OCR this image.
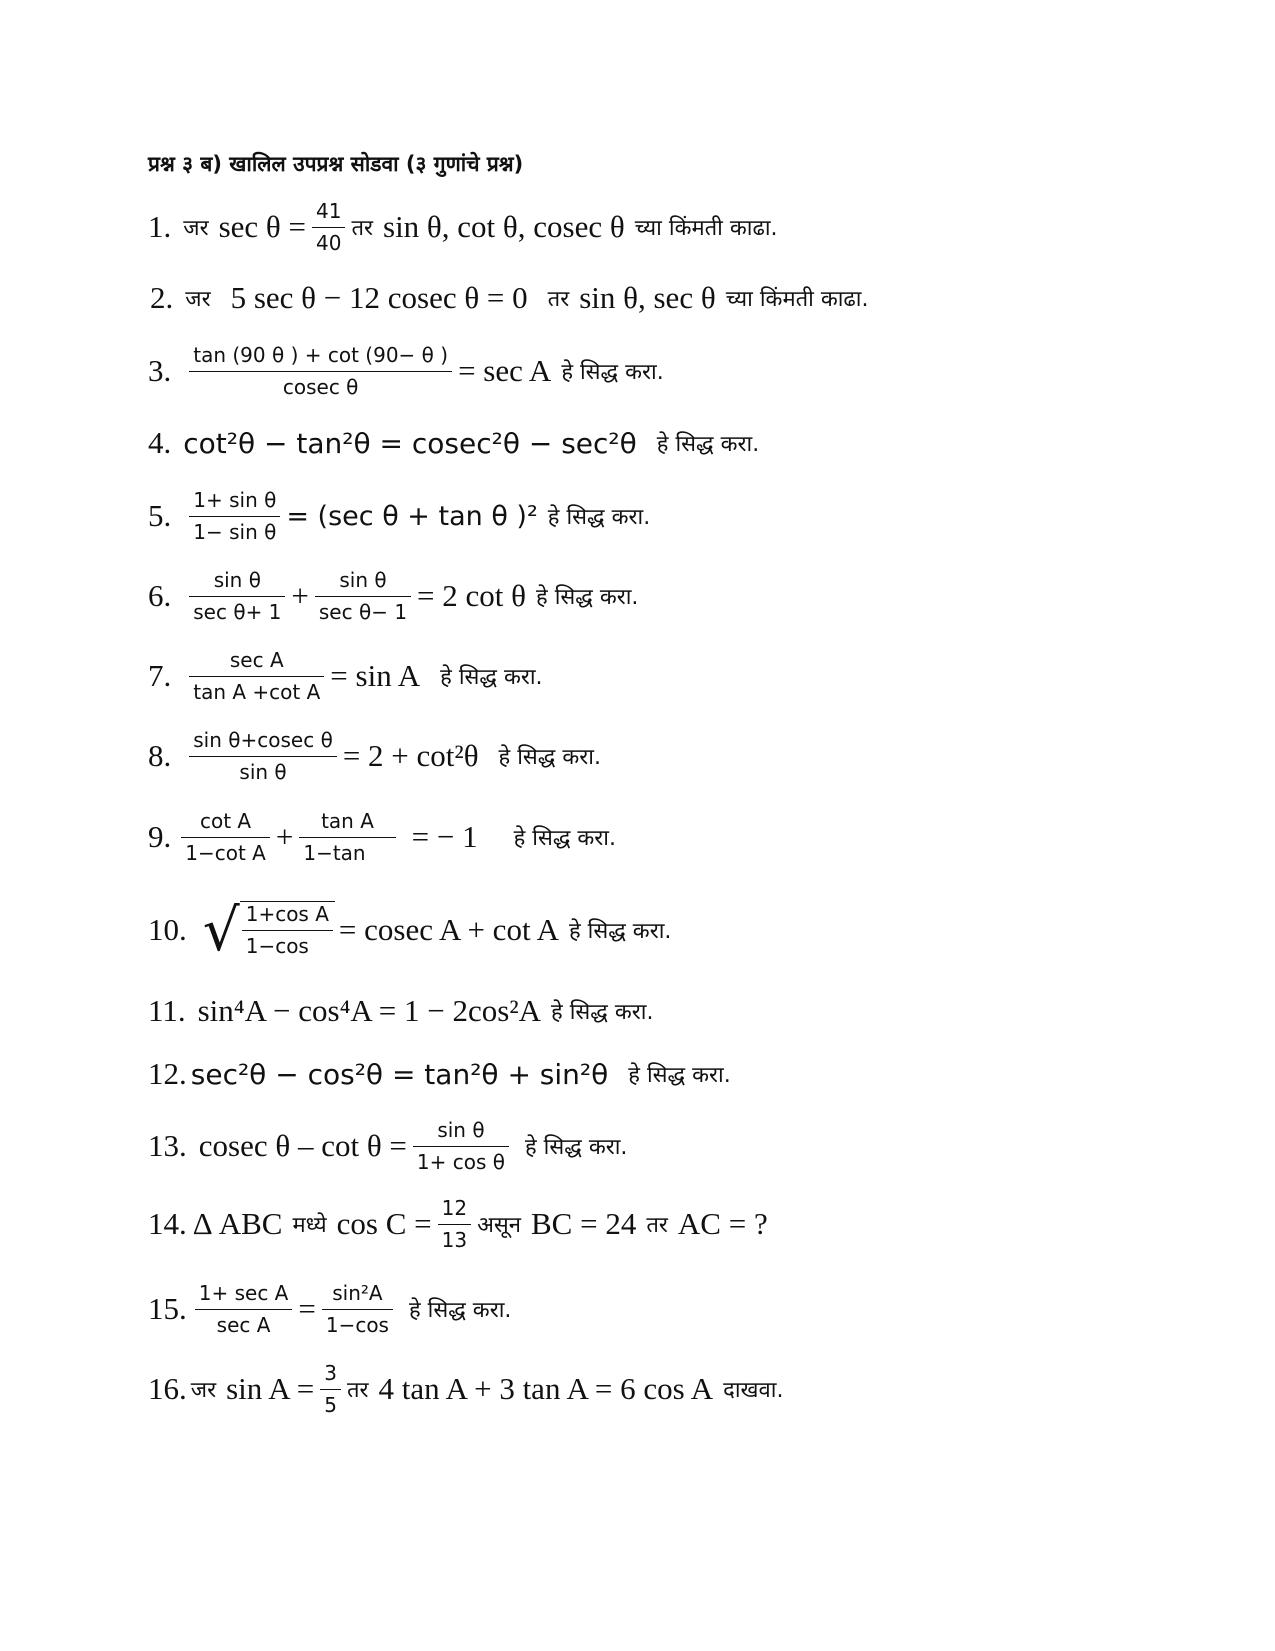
प्रश्न ३ ब) खालिल उपप्रश्न सोडवा (३ गुणांचे प्रश्न)
1. जर $\sec \theta = \frac{41}{40}$ तर sin θ, cot θ, cosec θ च्या किंमती काढा.
2. जर 5 sec θ − 12 cosec θ = 0 तर sin θ, sec θ च्या किंमती काढा.
3. $\frac{\tan (90 \theta ) + \cot (90- \theta )}{\text{cosec θ}} = \sec A$ हे सिद्ध करा.
4. cot²θ − tan²θ = cosec²θ − sec²θ हे सिद्ध करा.
5. $\frac{\text{1+ sin θ}}{\text{1− sin θ}} = (\sec$ θ + tan θ )² हे सिद्ध करा.
6. $\frac{\text{sin θ}}{\text{sec θ+ 1}} + \frac{\text{sin θ}}{\text{sec θ− 1}} = 2$ cot θ हे सिद्ध करा.
7. $\frac{\text{sec A}}{\text{tan A +cot A}} = \sin A$ हे सिद्ध करा.
8. $\frac{\text{sin θ+cosec θ}}{\text{sin θ}} = 2 + \cot^2\theta$ हे सिद्ध करा.
9. $\frac{\text{cot A}}{\text{1−cot A}} + \frac{\text{tan A}}{1-\tan}$ = − 1 हे सिद्ध करा.
10. √ $\frac{\text{1+cos A}}{1-\cos} = cosec$ A + cot A हे सिद्ध करा.
11. sin⁴A − cos⁴A = 1 − 2cos²A हे सिद्ध करा.
12. sec²θ − cos²θ = tan²θ + sin²θ हे सिद्ध करा.
13. cosec $\theta - \cot \theta = \frac{\text{sin θ}}{\text{1+ cos θ}}$ हे सिद्ध करा.
14. Δ ABC मध्ये $\cos C = \frac{12}{13}$ असून BC = 24 तर AC = ?
15. $\frac{\text{1+ sec A}}{\text{sec A}} = \frac{\text{sin²A}}{1-\cos}$ हे सिद्ध करा.
16. जर $\sin A = \frac{3}{5}$ तर 4 tan A + 3 tan A = 6 cos A दाखवा.
